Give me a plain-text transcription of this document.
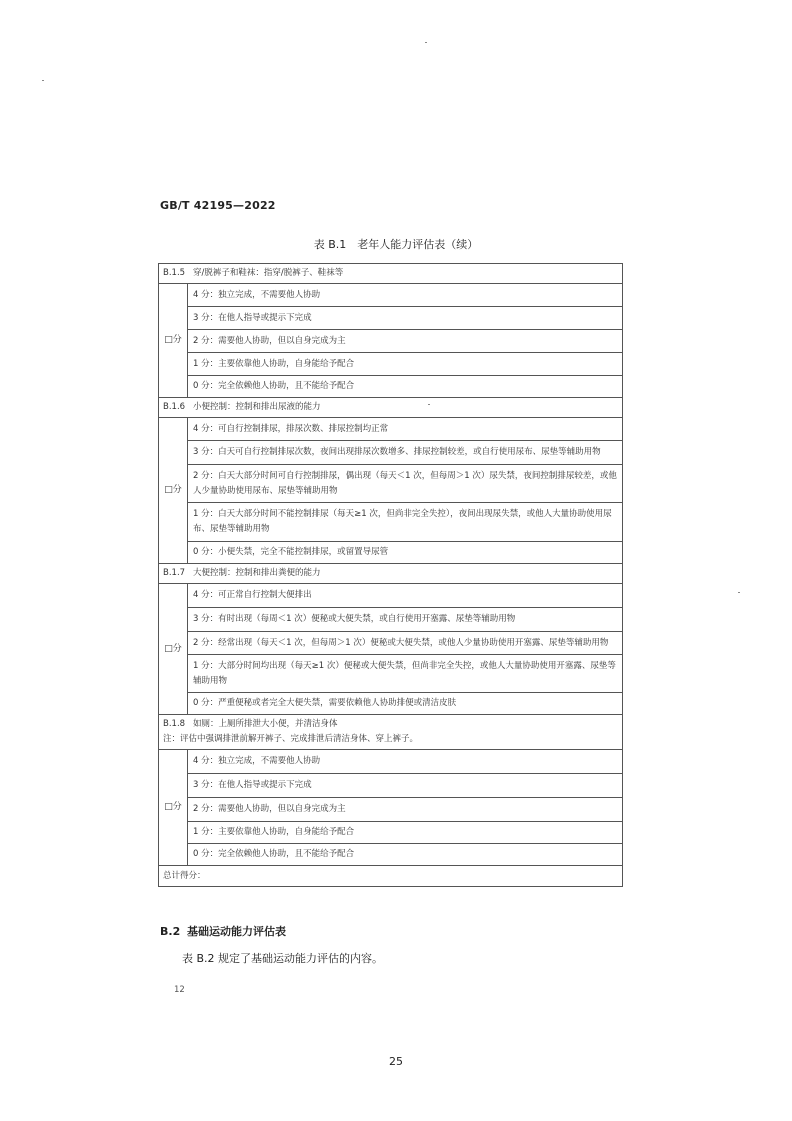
GB/T 42195—2022
表 B.1　老年人能力评估表（续）
B.1.5 穿/脱裤子和鞋袜：指穿/脱裤子、鞋袜等	
□分	4 分：独立完成，不需要他人协助
	3 分：在他人指导或提示下完成
	2 分：需要他人协助，但以自身完成为主
	1 分：主要依靠他人协助，自身能给予配合
	0 分：完全依赖他人协助，且不能给予配合
B.1.6 小便控制：控制和排出尿液的能力	
□分	4 分：可自行控制排尿，排尿次数、排尿控制均正常
	3 分：白天可自行控制排尿次数，夜间出现排尿次数增多、排尿控制较差，或自行使用尿布、尿垫等辅助用物
	2 分：白天大部分时间可自行控制排尿，偶出现（每天＜1 次，但每周＞1 次）尿失禁，夜间控制排尿较差，或他人少量协助使用尿布、尿垫等辅助用物
	1 分：白天大部分时间不能控制排尿（每天≥1 次，但尚非完全失控），夜间出现尿失禁，或他人大量协助使用尿布、尿垫等辅助用物
	0 分：小便失禁，完全不能控制排尿，或留置导尿管
B.1.7 大便控制：控制和排出粪便的能力	
□分	4 分：可正常自行控制大便排出
	3 分：有时出现（每周＜1 次）便秘或大便失禁，或自行使用开塞露、尿垫等辅助用物
	2 分：经常出现（每天＜1 次，但每周＞1 次）便秘或大便失禁，或他人少量协助使用开塞露、尿垫等辅助用物
	1 分：大部分时间均出现（每天≥1 次）便秘或大便失禁，但尚非完全失控，或他人大量协助使用开塞露、尿垫等辅助用物
	0 分：严重便秘或者完全大便失禁，需要依赖他人协助排便或清洁皮肤

B.1.8 如厕：上厕所排泄大小便，并清洁身体
注：评估中强调排泄前解开裤子、完成排泄后清洁身体、穿上裤子。	

□分	4 分：独立完成，不需要他人协助
	3 分：在他人指导或提示下完成
	2 分：需要他人协助，但以自身完成为主
	1 分：主要依靠他人协助，自身能给予配合
	0 分：完全依赖他人协助，且不能给予配合
总计得分：	
B.2 基础运动能力评估表
表 B.2 规定了基础运动能力评估的内容。
12
25
